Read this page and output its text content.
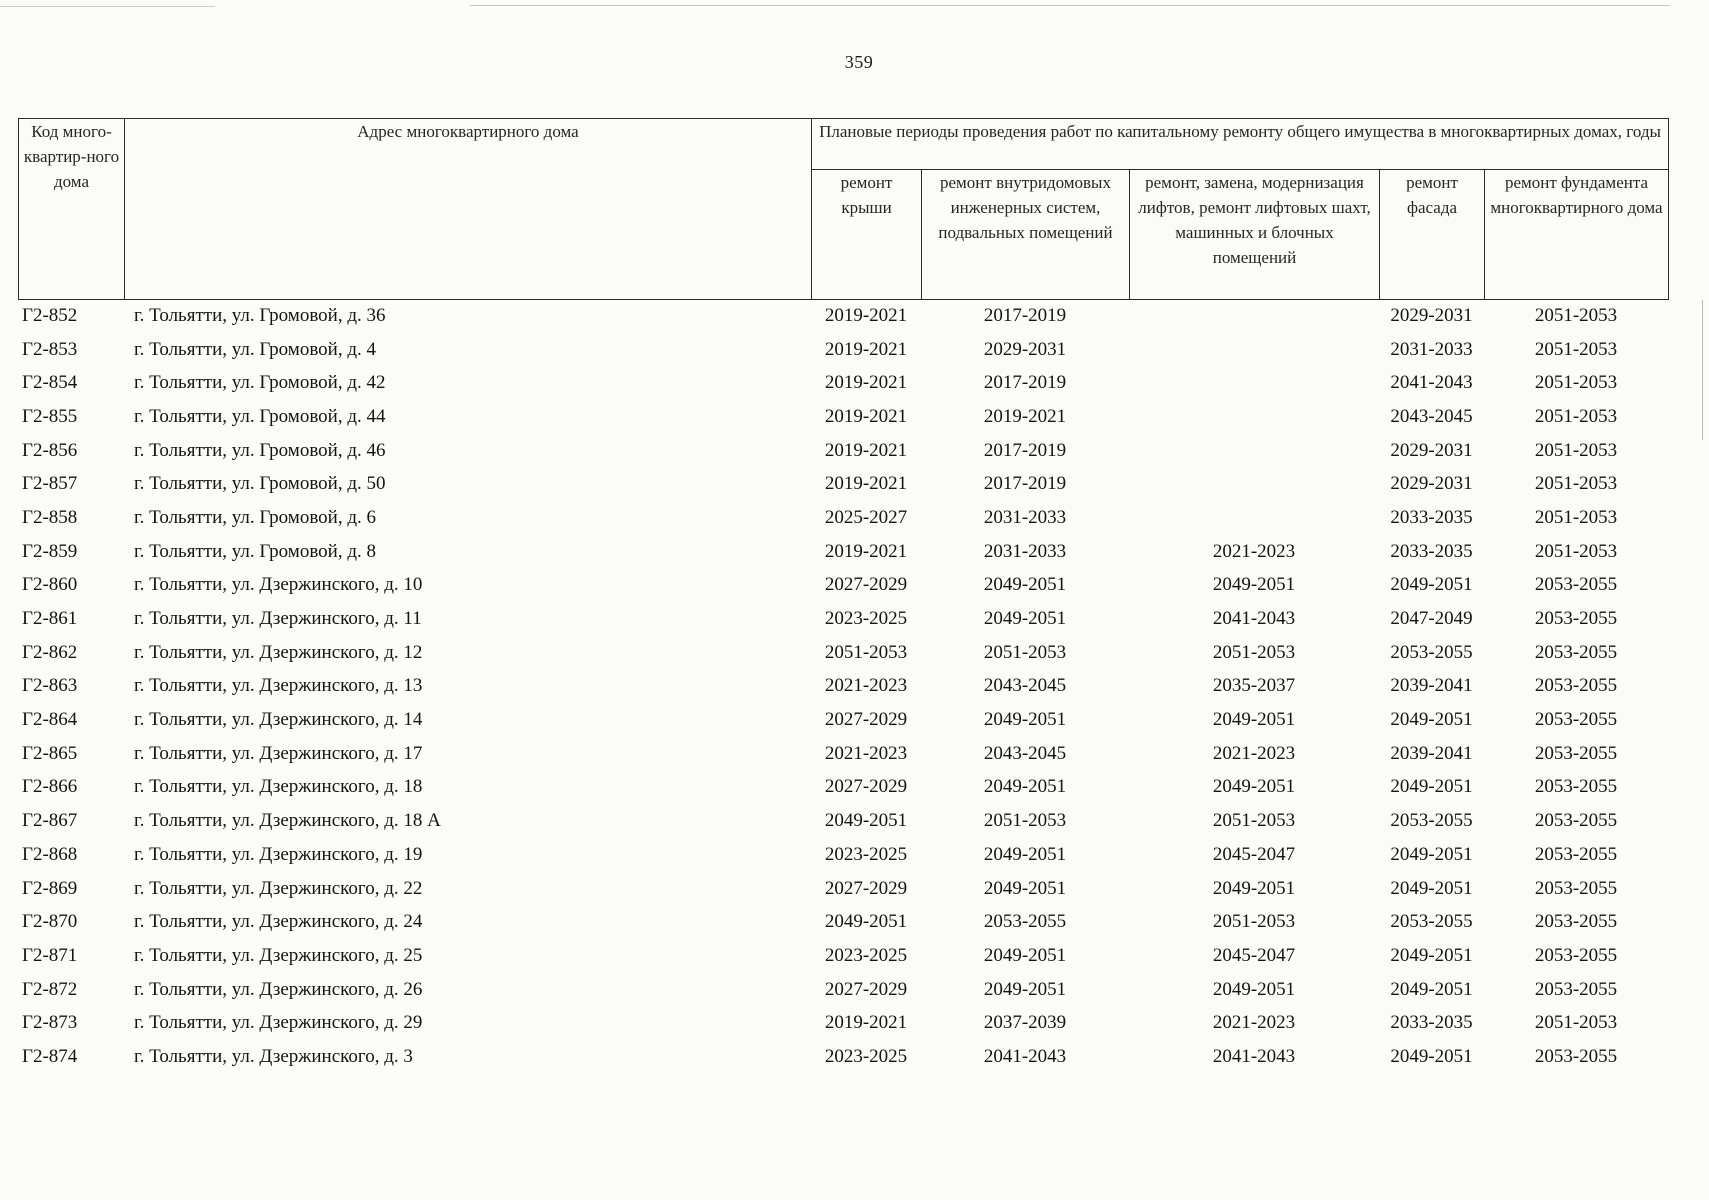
359
Код много-квартир-ного дома	Адрес многоквартирного дома	Плановые периоды проведения работ по капитальному ремонту общего имущества в многоквартирных домах, годы				
		ремонт крыши	ремонт внутридомовых инженерных систем, подвальных помещений	ремонт, замена, модернизация лифтов, ремонт лифтовых шахт, машинных и блочных помещений	ремонт фасада	ремонт фундамента многоквартирного дома
Г2-852	г. Тольятти, ул. Громовой, д. 36	2019-2021	2017-2019		2029-2031	2051-2053
Г2-853	г. Тольятти, ул. Громовой, д. 4	2019-2021	2029-2031		2031-2033	2051-2053
Г2-854	г. Тольятти, ул. Громовой, д. 42	2019-2021	2017-2019		2041-2043	2051-2053
Г2-855	г. Тольятти, ул. Громовой, д. 44	2019-2021	2019-2021		2043-2045	2051-2053
Г2-856	г. Тольятти, ул. Громовой, д. 46	2019-2021	2017-2019		2029-2031	2051-2053
Г2-857	г. Тольятти, ул. Громовой, д. 50	2019-2021	2017-2019		2029-2031	2051-2053
Г2-858	г. Тольятти, ул. Громовой, д. 6	2025-2027	2031-2033		2033-2035	2051-2053
Г2-859	г. Тольятти, ул. Громовой, д. 8	2019-2021	2031-2033	2021-2023	2033-2035	2051-2053
Г2-860	г. Тольятти, ул. Дзержинского, д. 10	2027-2029	2049-2051	2049-2051	2049-2051	2053-2055
Г2-861	г. Тольятти, ул. Дзержинского, д. 11	2023-2025	2049-2051	2041-2043	2047-2049	2053-2055
Г2-862	г. Тольятти, ул. Дзержинского, д. 12	2051-2053	2051-2053	2051-2053	2053-2055	2053-2055
Г2-863	г. Тольятти, ул. Дзержинского, д. 13	2021-2023	2043-2045	2035-2037	2039-2041	2053-2055
Г2-864	г. Тольятти, ул. Дзержинского, д. 14	2027-2029	2049-2051	2049-2051	2049-2051	2053-2055
Г2-865	г. Тольятти, ул. Дзержинского, д. 17	2021-2023	2043-2045	2021-2023	2039-2041	2053-2055
Г2-866	г. Тольятти, ул. Дзержинского, д. 18	2027-2029	2049-2051	2049-2051	2049-2051	2053-2055
Г2-867	г. Тольятти, ул. Дзержинского, д. 18 А	2049-2051	2051-2053	2051-2053	2053-2055	2053-2055
Г2-868	г. Тольятти, ул. Дзержинского, д. 19	2023-2025	2049-2051	2045-2047	2049-2051	2053-2055
Г2-869	г. Тольятти, ул. Дзержинского, д. 22	2027-2029	2049-2051	2049-2051	2049-2051	2053-2055
Г2-870	г. Тольятти, ул. Дзержинского, д. 24	2049-2051	2053-2055	2051-2053	2053-2055	2053-2055
Г2-871	г. Тольятти, ул. Дзержинского, д. 25	2023-2025	2049-2051	2045-2047	2049-2051	2053-2055
Г2-872	г. Тольятти, ул. Дзержинского, д. 26	2027-2029	2049-2051	2049-2051	2049-2051	2053-2055
Г2-873	г. Тольятти, ул. Дзержинского, д. 29	2019-2021	2037-2039	2021-2023	2033-2035	2051-2053
Г2-874	г. Тольятти, ул. Дзержинского, д. 3	2023-2025	2041-2043	2041-2043	2049-2051	2053-2055
